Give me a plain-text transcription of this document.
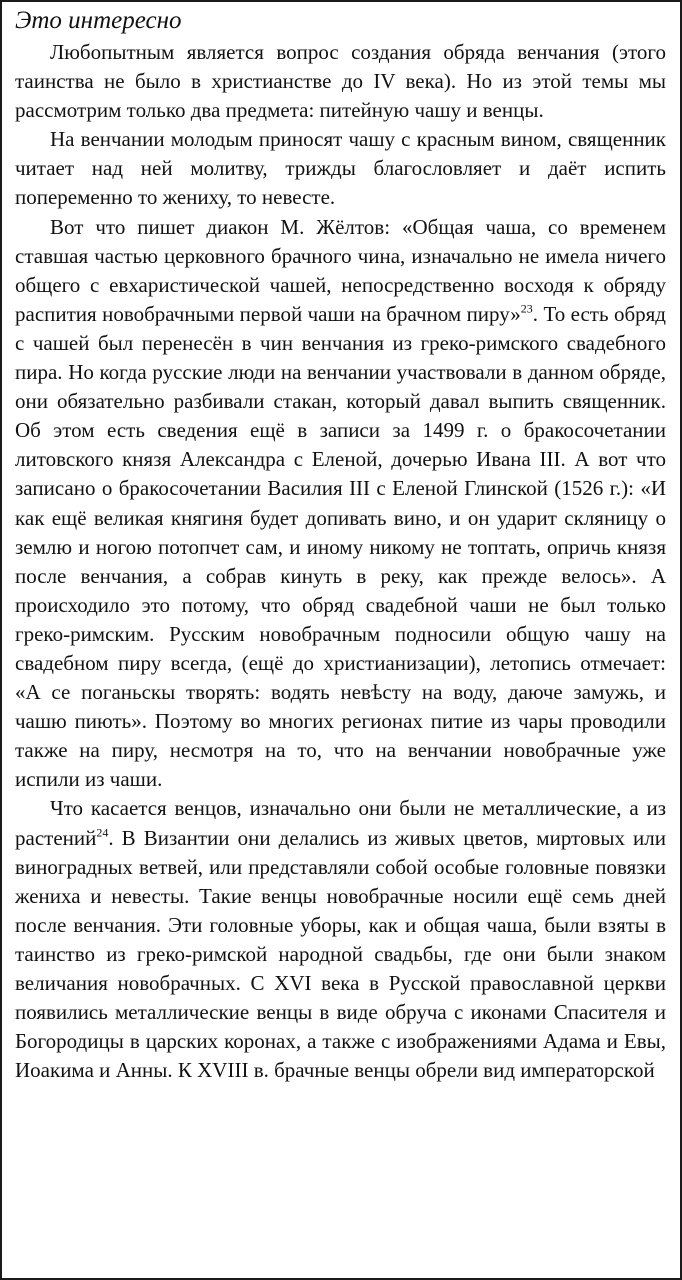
Это интересно

Любопытным является вопрос создания обряда венчания (этого таинства не было в христианстве до IV века). Но из этой темы мы рассмотрим только два предмета: питейную чашу и венцы.

На венчании молодым приносят чашу с красным вином, священник читает над ней молитву, трижды благословляет и даёт испить попеременно то жениху, то невесте.

Вот что пишет диакон М. Жёлтов: «Общая чаша, со временем ставшая частью церковного брачного чина, изначально не имела ничего общего с евхаристической чашей, непосредственно восходя к обряду распития новобрачными первой чаши на брачном пиру»$^{23}$. То есть обряд с чашей был перенесён в чин венчания из греко-римского свадебного пира. Но когда русские люди на венчании участвовали в данном обряде, они обязательно разбивали стакан, который давал выпить священник. Об этом есть сведения ещё в записи за 1499 г. о бракосочетании литовского князя Александра с Еленой, дочерью Ивана III. А вот что записано о бракосочетании Василия III с Еленой Глинской (1526 г.): «И как ещё великая княгиня будет допивать вино, и он ударит скляницу о землю и ногою потопчет сам, и иному никому не топтать, опричь князя после венчания, а собрав кинуть в реку, как прежде велось». А происходило это потому, что обряд свадебной чаши не был только греко-римским. Русским новобрачным подносили общую чашу на свадебном пиру всегда, (ещё до христианизации), летопись отмечает: «А се поганьскы творять: водять невѣсту на воду, даюче замужь, и чашю пиють». Поэтому во многих регионах питие из чары проводили также на пиру, несмотря на то, что на венчании новобрачные уже испили из чаши.

Что касается венцов, изначально они были не металлические, а из растений$^{24}$. В Византии они делались из живых цветов, миртовых или виноградных ветвей, или представляли собой особые головные повязки жениха и невесты. Такие венцы новобрачные носили ещё семь дней после венчания. Эти головные уборы, как и общая чаша, были взяты в таинство из греко-римской народной свадьбы, где они были знаком величания новобрачных. С XVI века в Русской православной церкви появились металлические венцы в виде обруча с иконами Спасителя и Богородицы в царских коронах, а также с изображениями Адама и Евы, Иоакима и Анны. К XVIII в. брачные венцы обрели вид императорской
